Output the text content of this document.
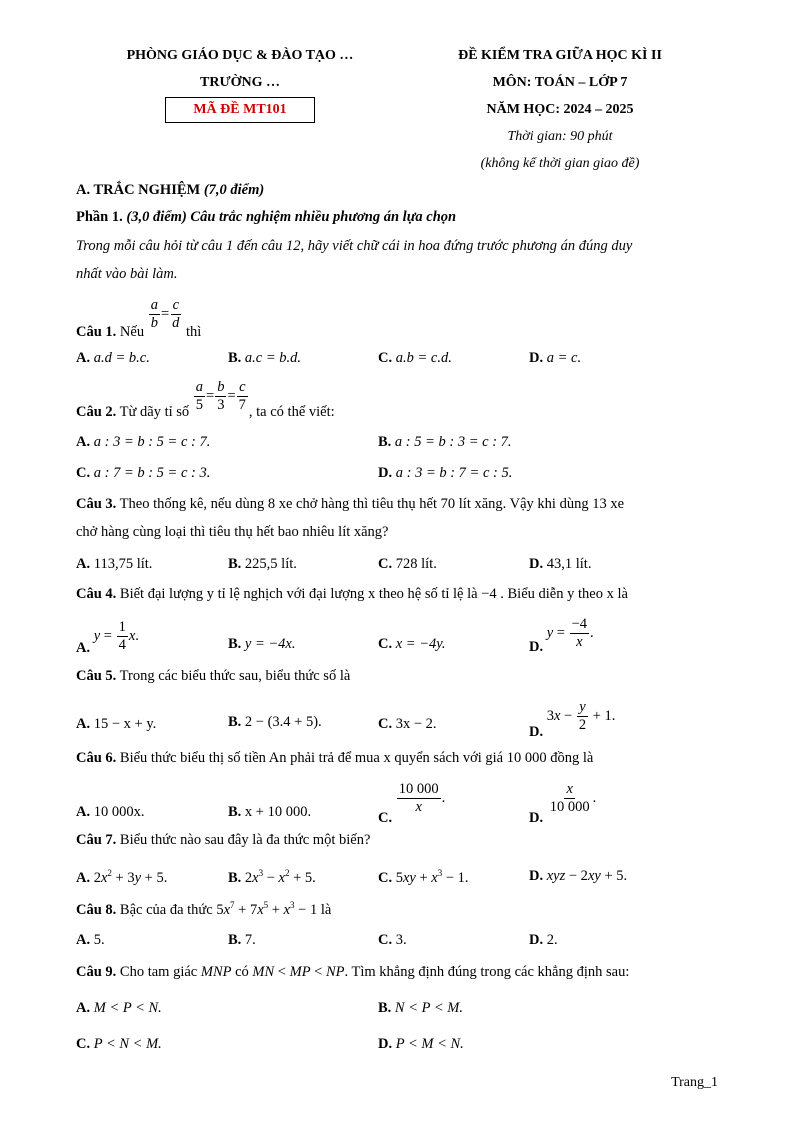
PHÒNG GIÁO DỤC & ĐÀO TẠO …
TRƯỜNG …
MÃ ĐỀ MT101
ĐỀ KIỂM TRA GIỮA HỌC KÌ II
MÔN: TOÁN – LỚP 7
NĂM HỌC: 2024 – 2025
Thời gian: 90 phút
(không kể thời gian giao đề)
A. TRẮC NGHIỆM (7,0 điểm)
Phần 1. (3,0 điểm) Câu trắc nghiệm nhiều phương án lựa chọn
Trong mỗi câu hỏi từ câu 1 đến câu 12, hãy viết chữ cái in hoa đứng trước phương án đúng duy
nhất vào bài làm.
Câu 1. Nếu
$\frac{a}{b} = \frac{c}{d}$
thì
A. a.d = b.c.	B. a.c = b.d.	C. a.b = c.d.	D. a = c.
Câu 2. Từ dãy tỉ số $\frac{a}{5} = \frac{b}{3} = \frac{c}{7}$ , ta có thể viết:
A. a : 3 = b : 5 = c : 7.	B. a : 5 = b : 3 = c : 7.
C. a : 7 = b : 5 = c : 3.	D. a : 3 = b : 7 = c : 5.
Câu 3. Theo thống kê, nếu dùng 8 xe chở hàng thì tiêu thụ hết 70 lít xăng. Vậy khi dùng 13 xe
chở hàng cùng loại thì tiêu thụ hết bao nhiêu lít xăng?
A. 113,75 lít.	B. 225,5 lít.	C. 728 lít.	D. 43,1 lít.
Câu 4. Biết đại lượng y tỉ lệ nghịch với đại lượng x theo hệ số tỉ lệ là −4 . Biểu diễn y theo x là
A. $y = \frac{1}{4} x$.	B. y = −4x.	C. x = −4y.	D. $y = \frac{-4}{x}$ .
Câu 5. Trong các biểu thức sau, biểu thức số là
A. 15 − x + y.	B. 2 − (3.4 + 5).	C. 3x − 2.
D. $3x - \frac{y}{2} + 1$.
Câu 6. Biểu thức biểu thị số tiền An phải trả để mua x quyển sách với giá 10 000 đồng là
A. 10 000x.	B. x + 10 000.	C.
$\frac{10 000}{x}$ .
D.
$\frac{x}{10 000}$ .
Câu 7. Biểu thức nào sau đây là đa thức một biến?
A. $2x^2 + 3y + 5$.	B. $2x^3 - x^2 + 5$.	C. $5xy + x^3 - 1$.	D. xyz − 2xy + 5.
Câu 8. Bậc của đa thức $5x^7 + 7x^5 + x^3 - 1$ là
A. 5.	B. 7.	C. 3.	D. 2.
Câu 9. Cho tam giác MNP có MN < MP < NP. Tìm khẳng định đúng trong các khẳng định sau:
A. M < P < N.	B. N < P < M.
C. P < N < M.	D. P < M < N.
Trang_1
